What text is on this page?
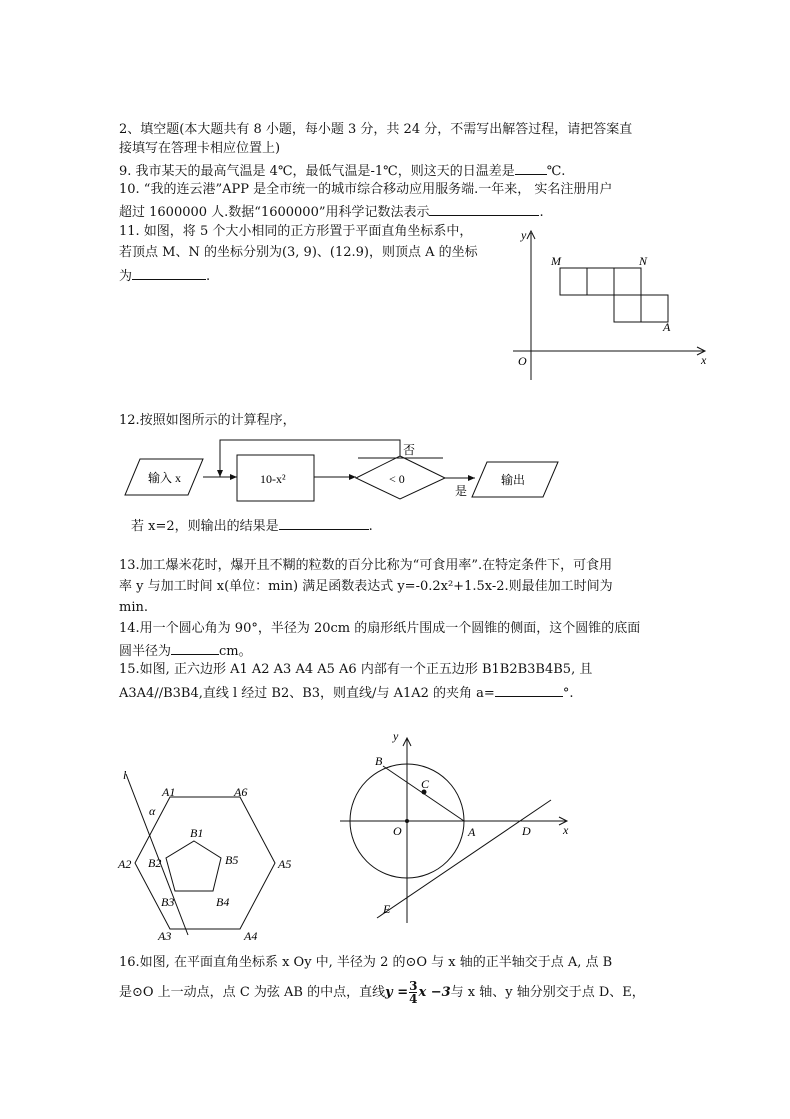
2、填空题(本大题共有 8 小题，每小题 3 分，共 24 分，不需写出解答过程，请把答案直
接填写在答理卡相应位置上)
9. 我市某天的最高气温是 4℃，最低气温是-1℃，则这天的日温差是 ℃.
10. “我的连云港”APP 是全市统一的城市综合移动应用服务端.一年来， 实名注册用户
超过 1600000 人.数据“1600000”用科学记数法表示	.
11. 如图，将 5 个大小相同的正方形置于平面直角坐标系中，
若顶点 M、N 的坐标分别为(3, 9)、(12.9)，则顶点 A 的坐标
为	.
y
x
O
M	N
A
12.按照如图所示的计算程序，
输入 x	10-x²	< 0
否
是
输出
若 x=2，则输出的结果是	.
13.加工爆米花时，爆开且不糊的粒数的百分比称为“可食用率”.在特定条件下，可食用
率 y 与加工时间 x(单位：min) 满足函数表达式 y=-0.2x²+1.5x-2.则最佳加工时间为
min.
14.用一个圆心角为 90°，半径为 20cm 的扇形纸片围成一个圆锥的侧面，这个圆锥的底面
圆半径为	cm。
15.如图, 正六边形 A1 A2 A3 A4 A5 A6 内部有一个正五边形 B1B2B3B4B5, 且
A3A4//B3B4,直线 l 经过 B2、B3，则直线/与 A1A2 的夹角 a=	°.
l
α
A1	A6
A2	A5
A3	A4
B1
B2	B5
B3	B4
y
x
O	A
B
C
D
E
16.如图, 在平面直角坐标系 x Oy 中, 半径为 2 的⊙O 与 x 轴的正半轴交于点 A, 点 B
是⊙O 上一动点，点 C 为弦 AB 的中点，直线$y = \frac{3}{4}$ x −3与 x 轴、y 轴分别交于点 D、E，
